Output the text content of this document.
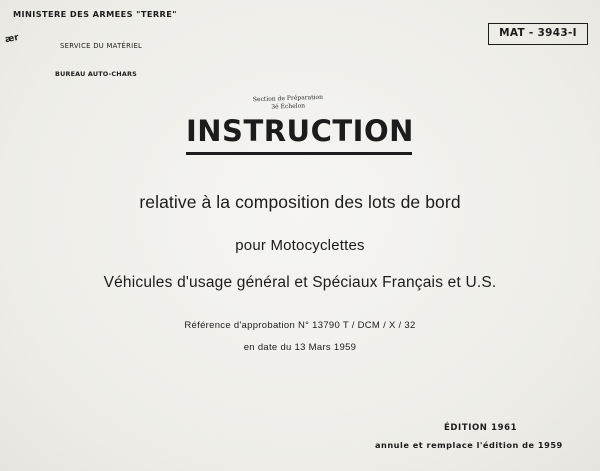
MINISTERE DES ARMEES "TERRE"
ær
SERVICE DU MATÉRIEL
BUREAU AUTO-CHARS
MAT - 3943-I
Section de Préparation
3é Échelon
INSTRUCTION
relative à la composition des lots de bord
pour Motocyclettes
Véhicules d'usage général et Spéciaux Français et U.S.
Référence d'approbation N° 13790 T / DCM / X / 32
en date du 13 Mars 1959
ÉDITION 1961
annule et remplace l'édition de 1959
